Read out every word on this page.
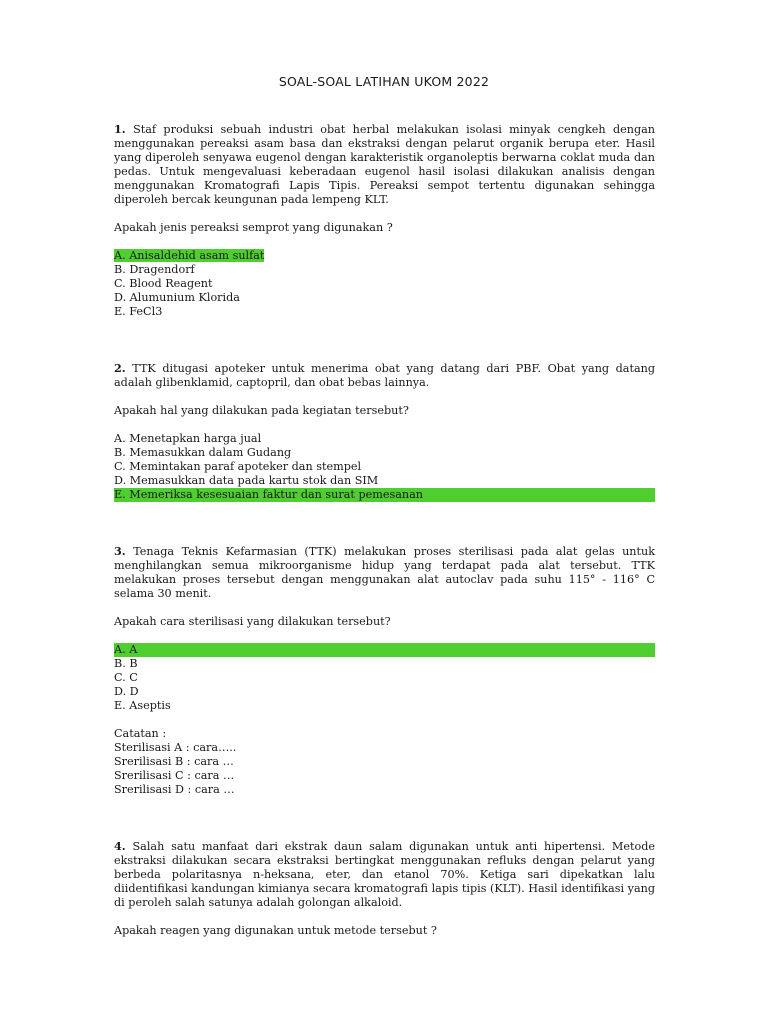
SOAL-SOAL LATIHAN UKOM 2022

1. Staf produksi sebuah industri obat herbal melakukan isolasi minyak cengkeh dengan menggunakan pereaksi asam basa dan ekstraksi dengan pelarut organik berupa eter. Hasil yang diperoleh senyawa eugenol dengan karakteristik organoleptis berwarna coklat muda dan pedas. Untuk mengevaluasi keberadaan eugenol hasil isolasi dilakukan analisis dengan menggunakan Kromatografi Lapis Tipis. Pereaksi sempot tertentu digunakan sehingga diperoleh bercak keungunan pada lempeng KLT.

Apakah jenis pereaksi semprot yang digunakan ?
A. Anisaldehid asam sulfat
B. Dragendorf
C. Blood Reagent
D. Alumunium Klorida
E. FeCl3

2. TTK ditugasi apoteker untuk menerima obat yang datang dari PBF. Obat yang datang adalah glibenklamid, captopril, dan obat bebas lainnya.

Apakah hal yang dilakukan pada kegiatan tersebut?
A. Menetapkan harga jual
B. Memasukkan dalam Gudang
C. Memintakan paraf apoteker dan stempel
D. Memasukkan data pada kartu stok dan SIM
E. Memeriksa kesesuaian faktur dan surat pemesanan

3. Tenaga Teknis Kefarmasian (TTK) melakukan proses sterilisasi pada alat gelas untuk menghilangkan semua mikroorganisme hidup yang terdapat pada alat tersebut. TTK melakukan proses tersebut dengan menggunakan alat autoclav pada suhu 115° - 116° C selama 30 menit.

Apakah cara sterilisasi yang dilakukan tersebut?
A. A
B. B
C. C
D. D
E. Aseptis
Catatan :
Sterilisasi A : cara…..
Srerilisasi B : cara …
Srerilisasi C : cara …
Srerilisasi D : cara …

4. Salah satu manfaat dari ekstrak daun salam digunakan untuk anti hipertensi. Metode ekstraksi dilakukan secara ekstraksi bertingkat menggunakan refluks dengan pelarut yang berbeda polaritasnya n-heksana, eter, dan etanol 70%. Ketiga sari dipekatkan lalu diidentifikasi kandungan kimianya secara kromatografi lapis tipis (KLT). Hasil identifikasi yang di peroleh salah satunya adalah golongan alkaloid.

Apakah reagen yang digunakan untuk metode tersebut ?
